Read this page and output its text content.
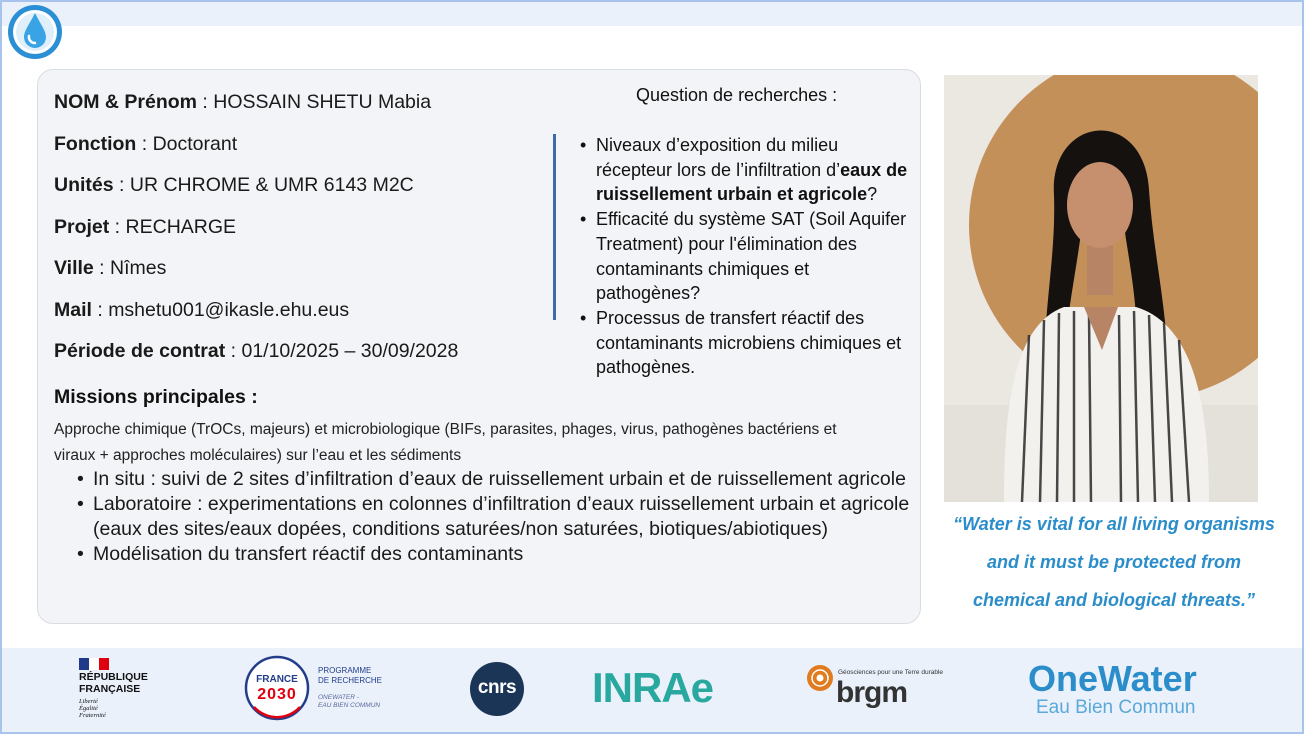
NOM & Prénom : HOSSAIN SHETU Mabia
Fonction : Doctorant
Unités : UR CHROME & UMR 6143 M2C
Projet : RECHARGE
Ville : Nîmes
Mail : mshetu001@ikasle.ehu.eus
Période de contrat : 01/10/2025 – 30/09/2028
Question de recherches :
• Niveaux d’exposition du milieu récepteur lors de l’infiltration d’eaux de ruissellement urbain et agricole?
• Efficacité du système SAT (Soil Aquifer Treatment) pour l'élimination des contaminants chimiques et pathogènes?
• Processus de transfert réactif des contaminants microbiens chimiques et pathogènes.
Missions principales :
Approche chimique (TrOCs, majeurs) et microbiologique (BIFs, parasites, phages, virus, pathogènes bactériens et viraux + approches moléculaires) sur l’eau et les sédiments
• In situ : suivi de 2 sites d’infiltration d’eaux de ruissellement urbain et de ruissellement agricole
• Laboratoire : experimentations en colonnes d’infiltration d’eaux ruissellement urbain et agricole (eaux des sites/eaux dopées, conditions saturées/non saturées, biotiques/abiotiques)
• Modélisation du transfert réactif des contaminants
“Water is vital for all living organisms
and it must be protected from
chemical and biological threats.”
RÉPUBLIQUE
FRANÇAISE
Liberté
Égalité
Fraternité
FRANCE
2030
PROGRAMME
DE RECHERCHE
ONEWATER -
EAU BIEN COMMUN
cnrs INRAe	Géosciences pour une Terre durable
brgm	OneWater
Eau Bien Commun
